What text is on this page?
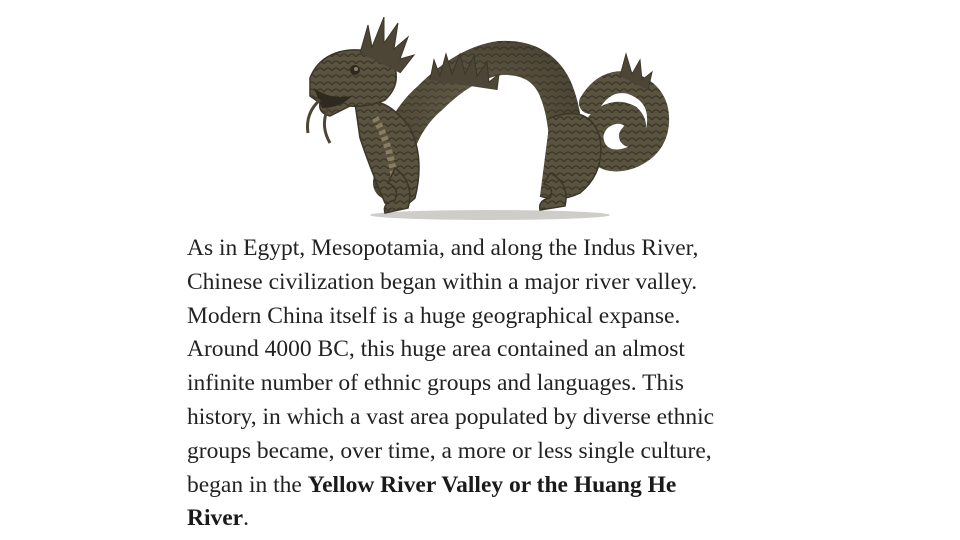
As in Egypt, Mesopotamia, and along the Indus River,
Chinese civilization began within a major river valley.
Modern China itself is a huge geographical expanse.
Around 4000 BC, this huge area contained an almost
infinite number of ethnic groups and languages. This
history, in which a vast area populated by diverse ethnic
groups became, over time, a more or less single culture,
began in the Yellow River Valley or the Huang He
River.
